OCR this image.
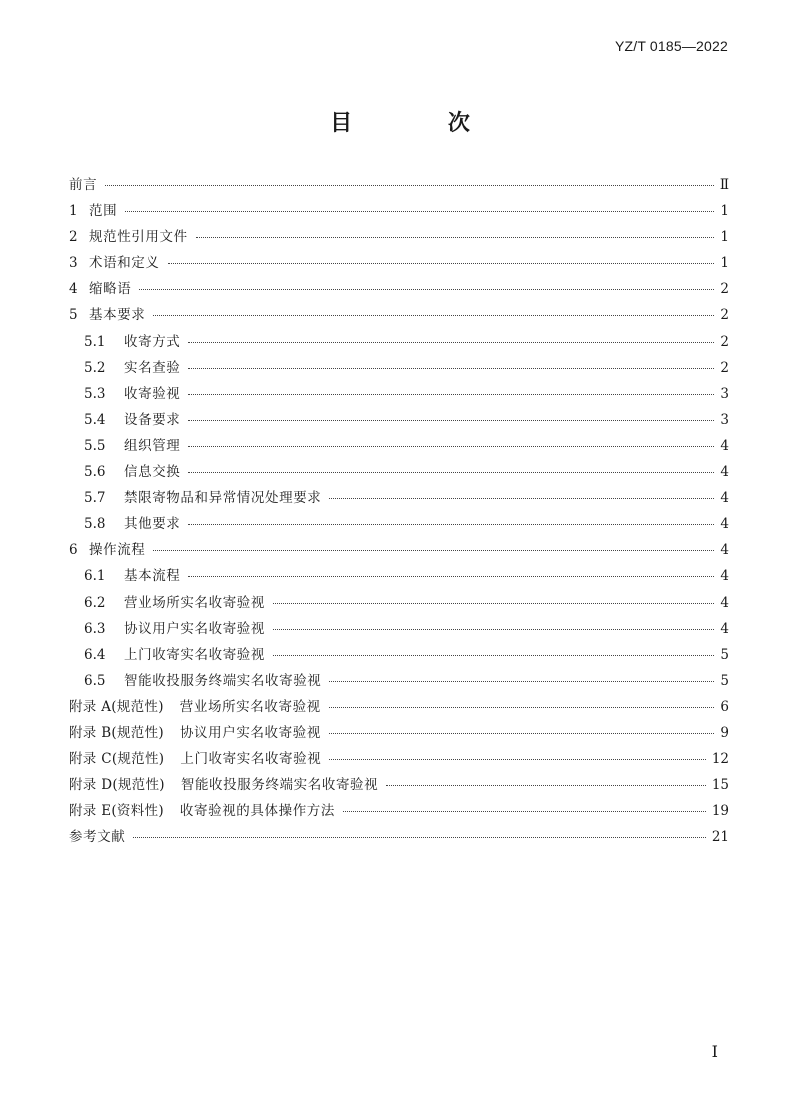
YZ/T 0185—2022
目 次
前言	Ⅱ
1 范围	1
2 规范性引用文件	1
3 术语和定义	1
4 缩略语	2
5 基本要求	2
5.1	收寄方式	2
5.2	实名查验	2
5.3	收寄验视	3
5.4	设备要求	3
5.5	组织管理	4
5.6	信息交换	4
5.7	禁限寄物品和异常情况处理要求	4
5.8	其他要求	4
6 操作流程	4
6.1	基本流程	4
6.2	营业场所实名收寄验视	4
6.3	协议用户实名收寄验视	4
6.4	上门收寄实名收寄验视	5
6.5	智能收投服务终端实名收寄验视	5
附录 A(规范性) 营业场所实名收寄验视	6
附录 B(规范性) 协议用户实名收寄验视	9
附录 C(规范性) 上门收寄实名收寄验视	12
附录 D(规范性) 智能收投服务终端实名收寄验视	15
附录 E(资料性) 收寄验视的具体操作方法	19
参考文献	21
I
